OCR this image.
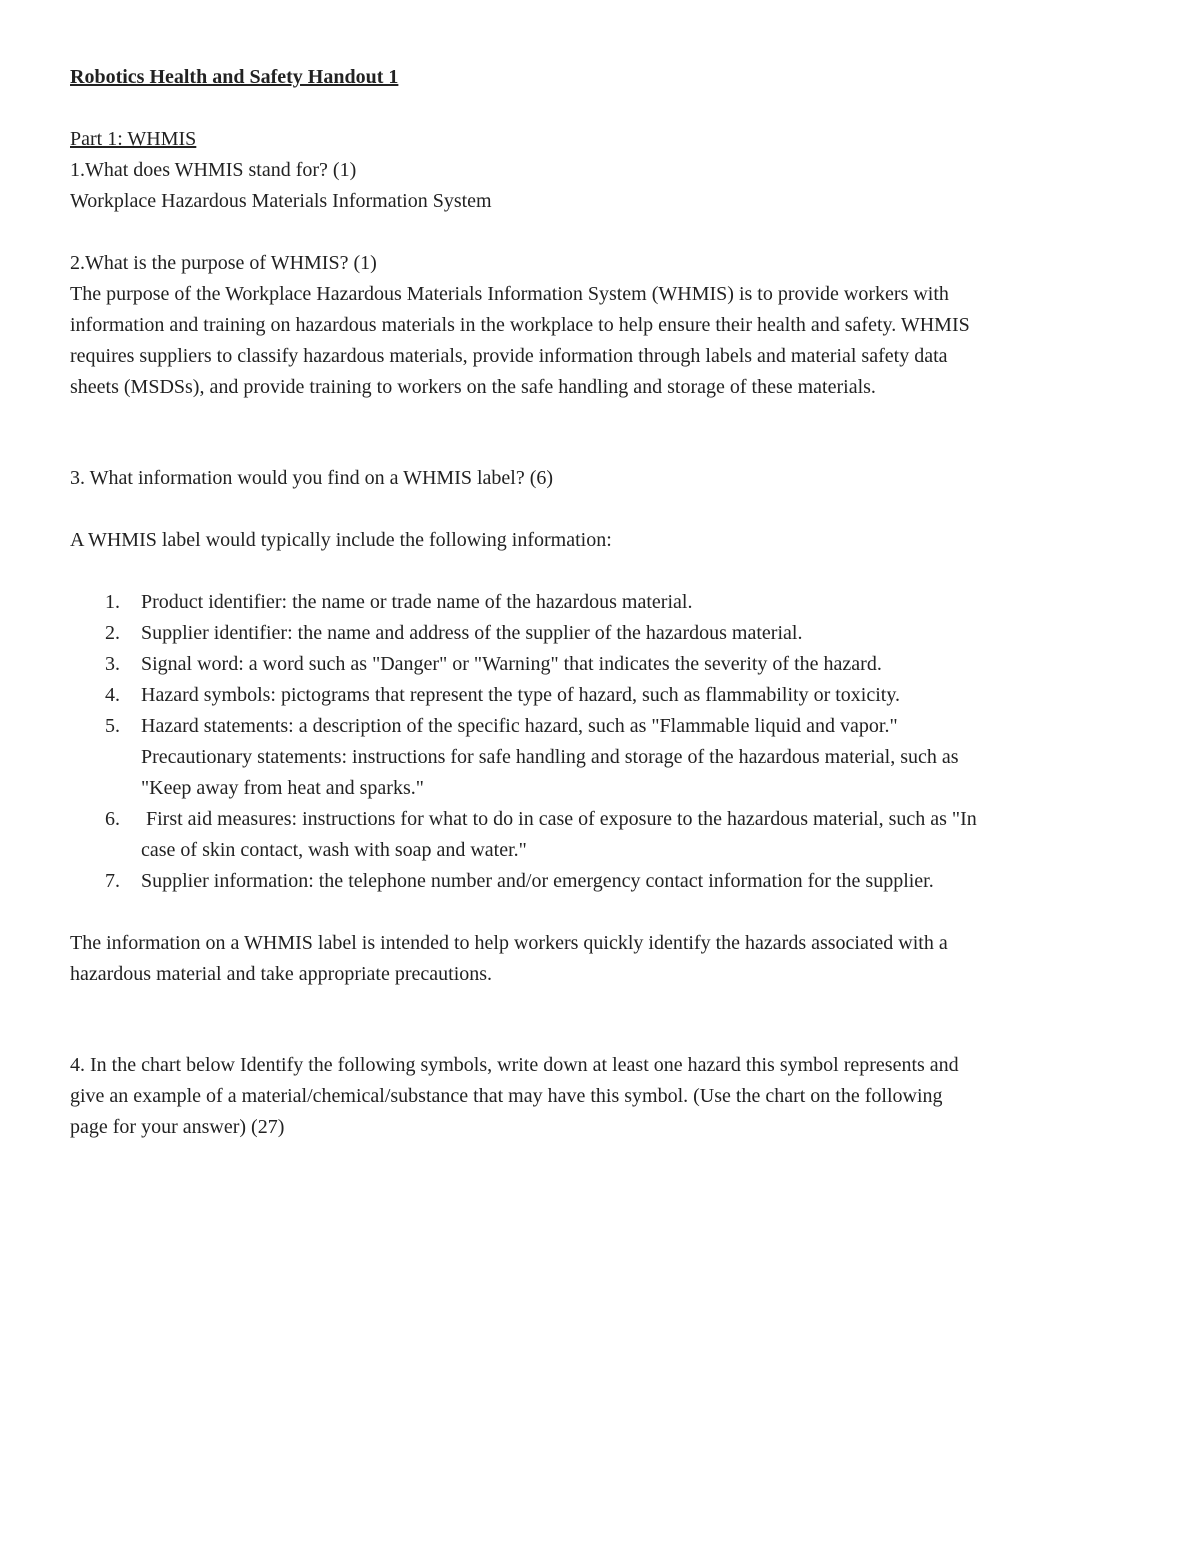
Robotics Health and Safety Handout 1

Part 1: WHMIS

1.What does WHMIS stand for? (1)

Workplace Hazardous Materials Information System

2.What is the purpose of WHMIS? (1)

The purpose of the Workplace Hazardous Materials Information System (WHMIS) is to provide workers with

information and training on hazardous materials in the workplace to help ensure their health and safety. WHMIS

requires suppliers to classify hazardous materials, provide information through labels and material safety data

sheets (MSDSs), and provide training to workers on the safe handling and storage of these materials.

3. What information would you find on a WHMIS label? (6)

A WHMIS label would typically include the following information:

1. Product identifier: the name or trade name of the hazardous material.
2. Supplier identifier: the name and address of the supplier of the hazardous material.
3. Signal word: a word such as "Danger" or "Warning" that indicates the severity of the hazard.
4. Hazard symbols: pictograms that represent the type of hazard, such as flammability or toxicity.
5. Hazard statements: a description of the specific hazard, such as "Flammable liquid and vapor."
Precautionary statements: instructions for safe handling and storage of the hazardous material, such as
"Keep away from heat and sparks."
6. First aid measures: instructions for what to do in case of exposure to the hazardous material, such as "In
case of skin contact, wash with soap and water."
7. Supplier information: the telephone number and/or emergency contact information for the supplier.

The information on a WHMIS label is intended to help workers quickly identify the hazards associated with a

hazardous material and take appropriate precautions.

4. In the chart below Identify the following symbols, write down at least one hazard this symbol represents and

give an example of a material/chemical/substance that may have this symbol. (Use the chart on the following

page for your answer) (27)
